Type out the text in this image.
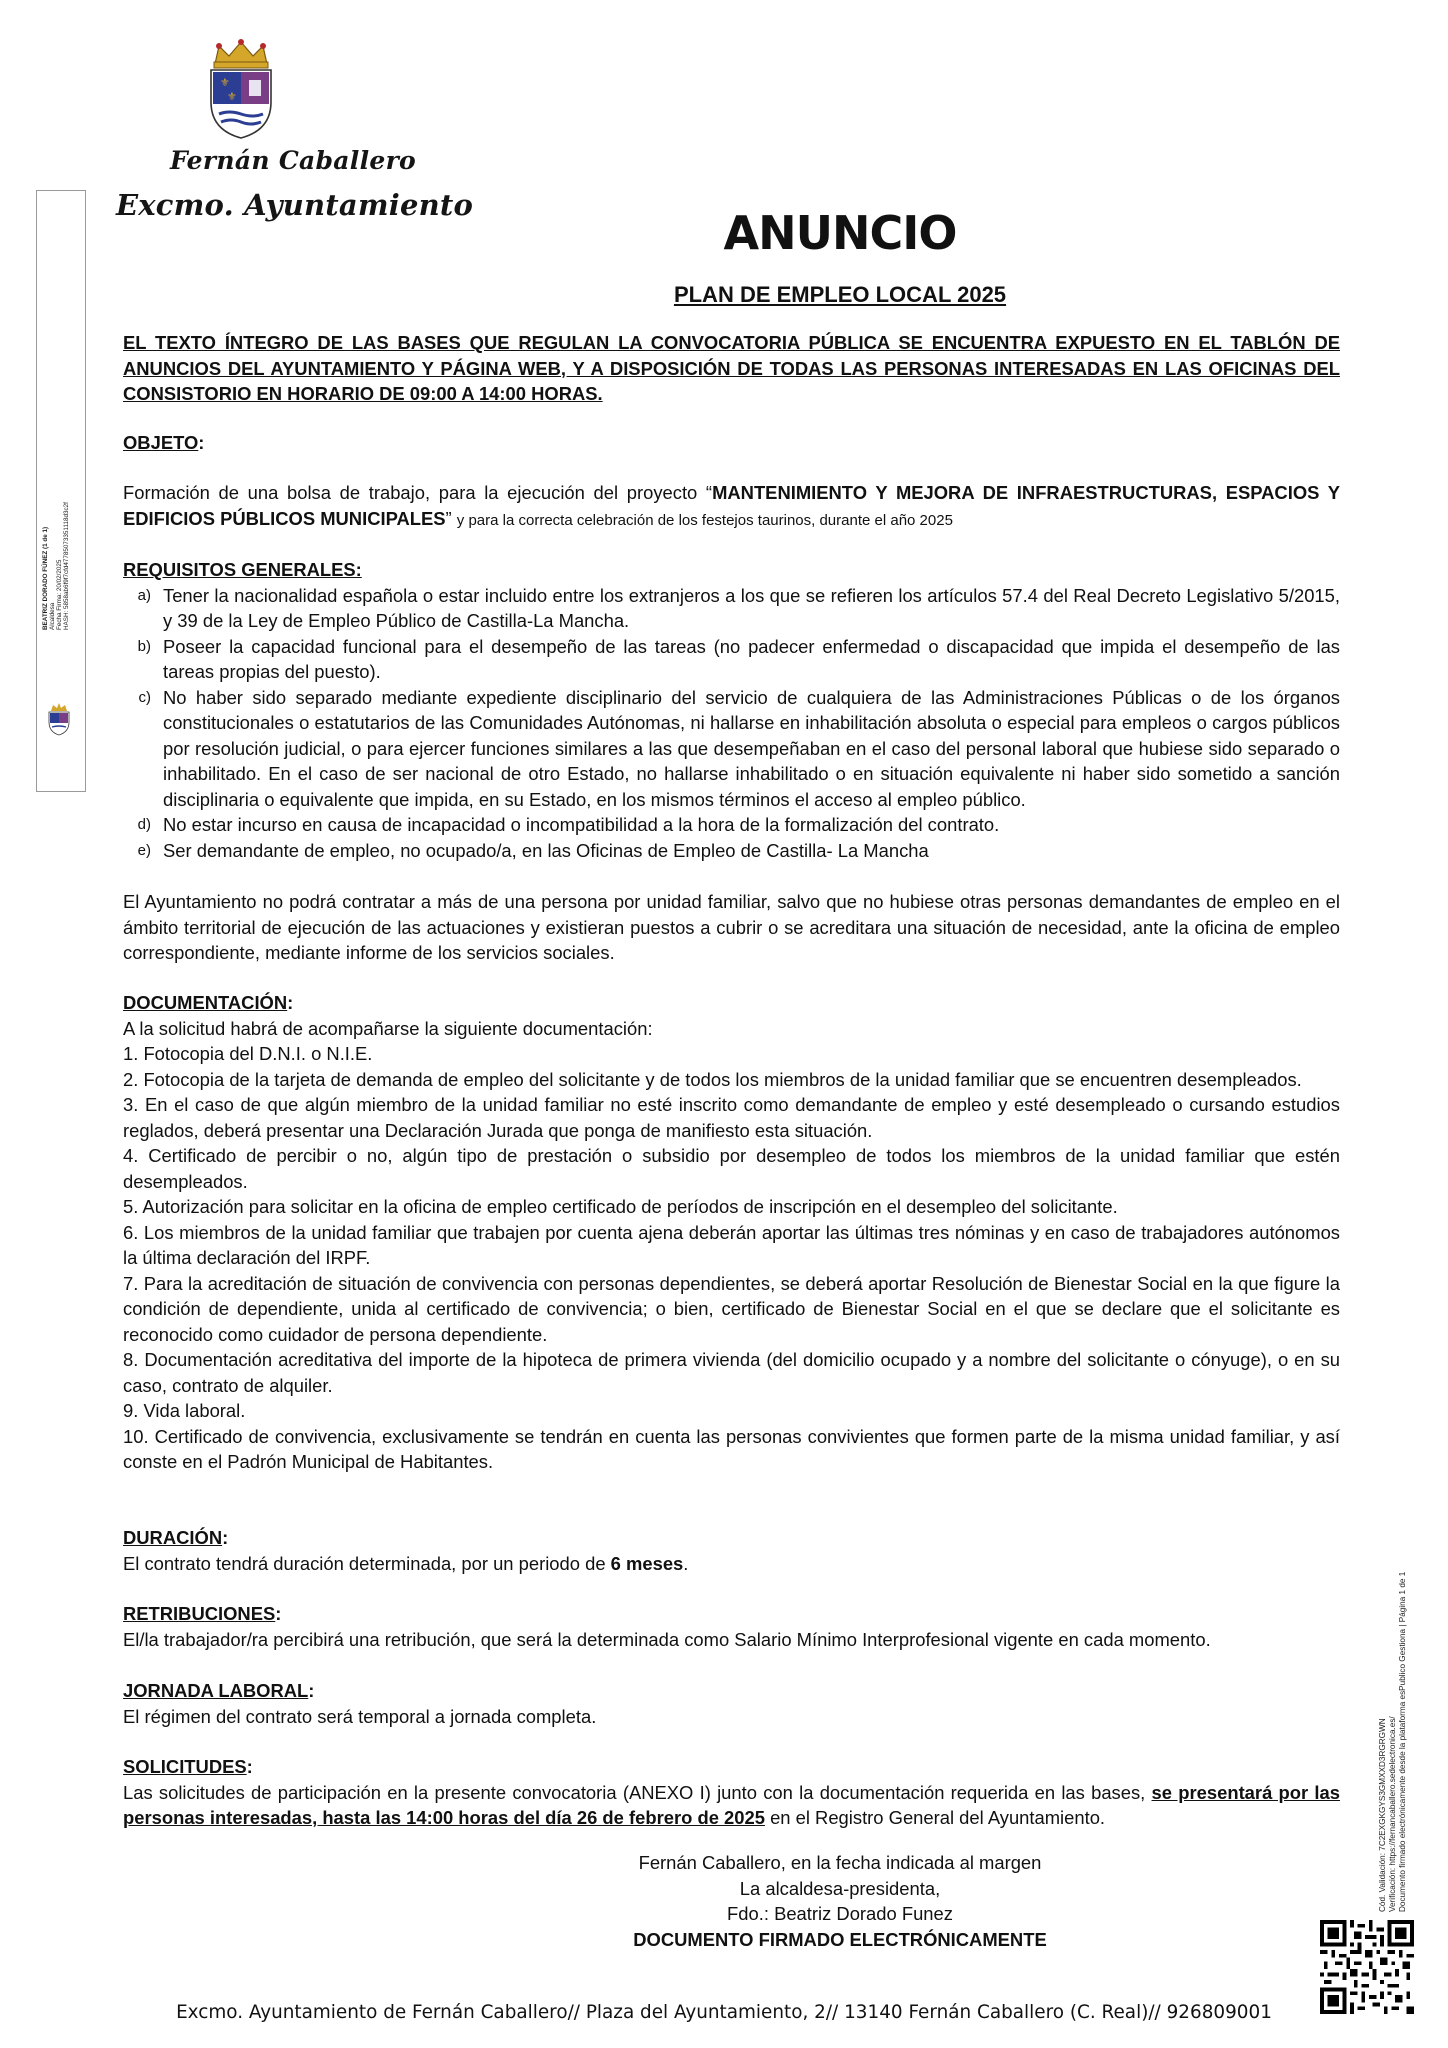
⚜
⚜
Fernán Caballero
Excmo. Ayuntamiento
ANUNCIO
PLAN DE EMPLEO LOCAL 2025
BEATRIZ DORADO FÚNEZ (1 de 1)
Alcaldesa
Fecha Firma: 20/02/2025
HASH: 5858ab6f9f7cfd47785073351118d3c2f

EL TEXTO ÍNTEGRO DE LAS BASES QUE REGULAN LA CONVOCATORIA PÚBLICA SE ENCUENTRA EXPUESTO EN EL TABLÓN DE ANUNCIOS DEL AYUNTAMIENTO Y PÁGINA WEB, Y A DISPOSICIÓN DE TODAS LAS PERSONAS INTERESADAS EN LAS OFICINAS DEL CONSISTORIO EN HORARIO DE 09:00 A 14:00 HORAS.

OBJETO:

Formación de una bolsa de trabajo, para la ejecución del proyecto “MANTENIMIENTO Y MEJORA DE INFRAESTRUCTURAS, ESPACIOS Y EDIFICIOS PÚBLICOS MUNICIPALES” y para la correcta celebración de los festejos taurinos, durante el año 2025

REQUISITOS GENERALES:

a) Tener la nacionalidad española o estar incluido entre los extranjeros a los que se refieren los artículos 57.4 del Real Decreto Legislativo 5/2015, y 39 de la Ley de Empleo Público de Castilla-La Mancha.
b) Poseer la capacidad funcional para el desempeño de las tareas (no padecer enfermedad o discapacidad que impida el desempeño de las tareas propias del puesto).
c) No haber sido separado mediante expediente disciplinario del servicio de cualquiera de las Administraciones Públicas o de los órganos constitucionales o estatutarios de las Comunidades Autónomas, ni hallarse en inhabilitación absoluta o especial para empleos o cargos públicos por resolución judicial, o para ejercer funciones similares a las que desempeñaban en el caso del personal laboral que hubiese sido separado o inhabilitado. En el caso de ser nacional de otro Estado, no hallarse inhabilitado o en situación equivalente ni haber sido sometido a sanción disciplinaria o equivalente que impida, en su Estado, en los mismos términos el acceso al empleo público.
d) No estar incurso en causa de incapacidad o incompatibilidad a la hora de la formalización del contrato.
e) Ser demandante de empleo, no ocupado/a, en las Oficinas de Empleo de Castilla- La Mancha

El Ayuntamiento no podrá contratar a más de una persona por unidad familiar, salvo que no hubiese otras personas demandantes de empleo en el ámbito territorial de ejecución de las actuaciones y existieran puestos a cubrir o se acreditara una situación de necesidad, ante la oficina de empleo correspondiente, mediante informe de los servicios sociales.

DOCUMENTACIÓN:

A la solicitud habrá de acompañarse la siguiente documentación:

1. Fotocopia del D.N.I. o N.I.E.

2. Fotocopia de la tarjeta de demanda de empleo del solicitante y de todos los miembros de la unidad familiar que se encuentren desempleados.

3. En el caso de que algún miembro de la unidad familiar no esté inscrito como demandante de empleo y esté desempleado o cursando estudios reglados, deberá presentar una Declaración Jurada que ponga de manifiesto esta situación.

4. Certificado de percibir o no, algún tipo de prestación o subsidio por desempleo de todos los miembros de la unidad familiar que estén desempleados.

5. Autorización para solicitar en la oficina de empleo certificado de períodos de inscripción en el desempleo del solicitante.

6. Los miembros de la unidad familiar que trabajen por cuenta ajena deberán aportar las últimas tres nóminas y en caso de trabajadores autónomos la última declaración del IRPF.

7. Para la acreditación de situación de convivencia con personas dependientes, se deberá aportar Resolución de Bienestar Social en la que figure la condición de dependiente, unida al certificado de convivencia; o bien, certificado de Bienestar Social en el que se declare que el solicitante es reconocido como cuidador de persona dependiente.

8. Documentación acreditativa del importe de la hipoteca de primera vivienda (del domicilio ocupado y a nombre del solicitante o cónyuge), o en su caso, contrato de alquiler.

9. Vida laboral.

10. Certificado de convivencia, exclusivamente se tendrán en cuenta las personas convivientes que formen parte de la misma unidad familiar, y así conste en el Padrón Municipal de Habitantes.

DURACIÓN:

El contrato tendrá duración determinada, por un periodo de 6 meses.

RETRIBUCIONES:

El/la trabajador/ra percibirá una retribución, que será la determinada como Salario Mínimo Interprofesional vigente en cada momento.

JORNADA LABORAL:

El régimen del contrato será temporal a jornada completa.

SOLICITUDES:

Las solicitudes de participación en la presente convocatoria (ANEXO I) junto con la documentación requerida en las bases, se presentará por las personas interesadas, hasta las 14:00 horas del día 26 de febrero de 2025 en el Registro General del Ayuntamiento.

Fernán Caballero, en la fecha indicada al margen
La alcaldesa-presidenta,
Fdo.: Beatriz Dorado Funez
DOCUMENTO FIRMADO ELECTRÓNICAMENTE
Excmo. Ayuntamiento de Fernán Caballero// Plaza del Ayuntamiento, 2// 13140 Fernán Caballero (C. Real)// 926809001
Cód. Validación: 7C2EXGKGYS3GMXXD3RGRGWN
Verificación: https://fernancaballero.sedelectronica.es/
Documento firmado electrónicamente desde la plataforma esPublico Gestiona | Página 1 de 1
